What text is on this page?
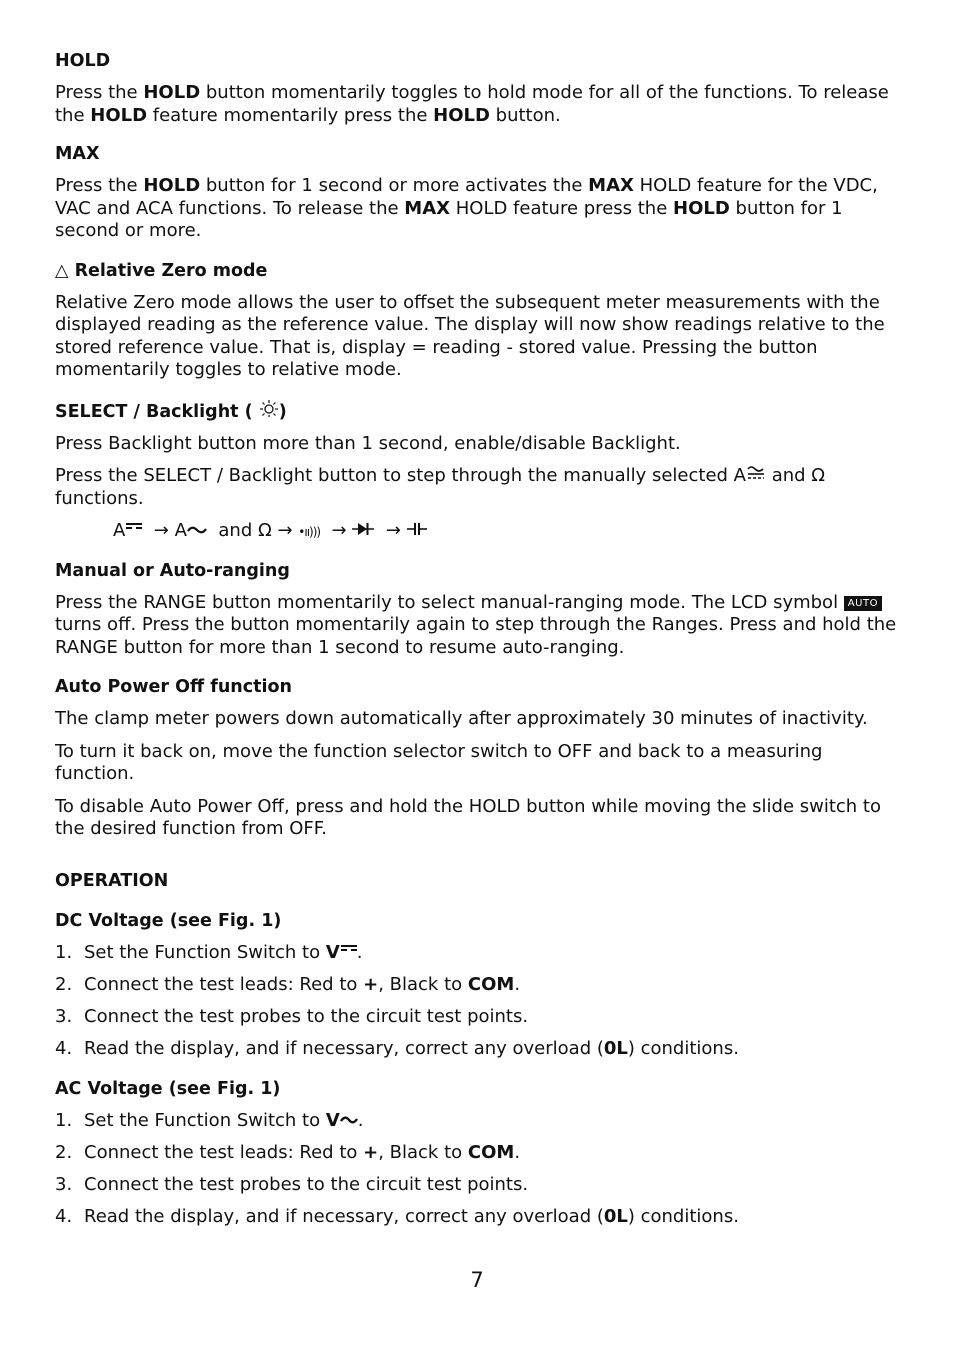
HOLD

Press the HOLD button momentarily toggles to hold mode for all of the functions. To release the HOLD feature momentarily press the HOLD button.

MAX

Press the HOLD button for 1 second or more activates the MAX HOLD feature for the VDC, VAC and ACA functions. To release the MAX HOLD feature press the HOLD button for 1 second or more.

△ Relative Zero mode

Relative Zero mode allows the user to offset the subsequent meter measurements with the displayed reading as the reference value. The display will now show readings relative to the stored reference value. That is, display = reading - stored value. Pressing the button momentarily toggles to relative mode.

SELECT / Backlight ( )

Press Backlight button more than 1 second, enable/disable Backlight.

Press the SELECT / Backlight button to step through the manually selected A and Ω functions.

A → A and Ω → •ıı))) → →

Manual or Auto-ranging

Press the RANGE button momentarily to select manual-ranging mode. The LCD symbol AUTO turns off. Press the button momentarily again to step through the Ranges. Press and hold the RANGE button for more than 1 second to resume auto-ranging.

Auto Power Off function

The clamp meter powers down automatically after approximately 30 minutes of inactivity.

To turn it back on, move the function selector switch to OFF and back to a measuring function.

To disable Auto Power Off, press and hold the HOLD button while moving the slide switch to the desired function from OFF.

OPERATION

DC Voltage (see Fig. 1)

1. Set the Function Switch to V .
2. Connect the test leads: Red to +, Black to COM.
3. Connect the test probes to the circuit test points.
4. Read the display, and if necessary, correct any overload (0L) conditions.

AC Voltage (see Fig. 1)

1. Set the Function Switch to V .
2. Connect the test leads: Red to +, Black to COM.
3. Connect the test probes to the circuit test points.
4. Read the display, and if necessary, correct any overload (0L) conditions.
7
